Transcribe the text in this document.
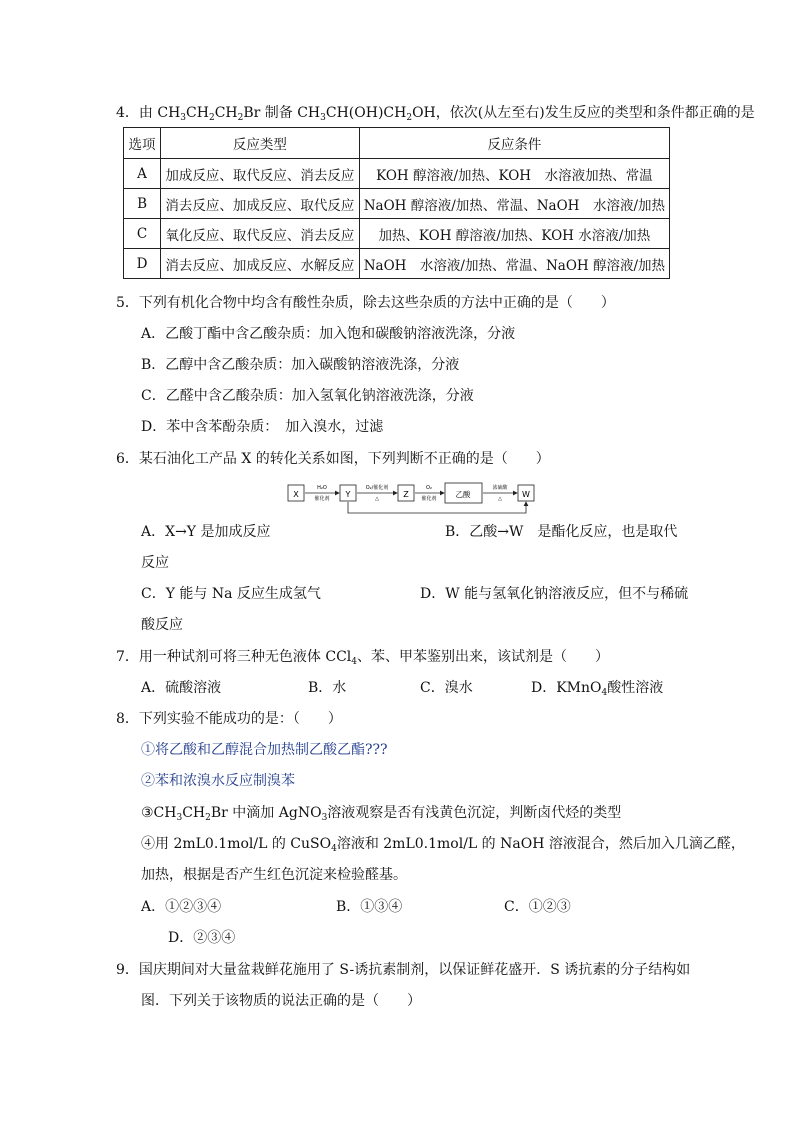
4．由 $CH_3CH_2CH_2Br$ 制备 $CH_3CH(OH)CH_2OH$，依次(从左至右)发生反应的类型和条件都正确的是
选项	反应类型	反应条件
A	加成反应、取代反应、消去反应	KOH 醇溶液/加热、KOH　水溶液加热、常温
B	消去反应、加成反应、取代反应	NaOH 醇溶液/加热、常温、NaOH　水溶液/加热
C	氧化反应、取代反应、消去反应	加热、KOH 醇溶液/加热、KOH 水溶液/加热
D	消去反应、加成反应、水解反应	NaOH　水溶液/加热、常温、NaOH 醇溶液/加热
5．下列有机化合物中均含有酸性杂质，除去这些杂质的方法中正确的是（　　）
A．乙酸丁酯中含乙酸杂质：加入饱和碳酸钠溶液洗涤，分液
B．乙醇中含乙酸杂质：加入碳酸钠溶液洗涤，分液
C．乙醛中含乙酸杂质：加入氢氧化钠溶液洗涤，分液
D．苯中含苯酚杂质：　加入溴水，过滤
6．某石油化工产品 X 的转化关系如图，下列判断不正确的是（　　）
X	Y	Z	乙酸	W
H₂O
催化剂
O₂/催化剂
△
O₂
催化剂
浓硫酸
△
A．X→Y 是加成反应	B．乙酸→W　是酯化反应，也是取代
反应
C．Y 能与 Na 反应生成氢气	D．W 能与氢氧化钠溶液反应，但不与稀硫
酸反应
7．用一种试剂可将三种无色液体 CCl$_4$、苯、甲苯鉴别出来，该试剂是（　　）
A．硫酸溶液	B．水	C．溴水	D．KMnO$_4$酸性溶液
8．下列实验不能成功的是：（　　）
①将乙酸和乙醇混合加热制乙酸乙酯???
②苯和浓溴水反应制溴苯
$③CH_3CH_2Br$ 中滴加 AgNO$_3$溶液观察是否有浅黄色沉淀，判断卤代烃的类型
④用 2mL0.1mol/L 的 CuSO$_4$溶液和 2mL0.1mol/L 的 NaOH 溶液混合，然后加入几滴乙醛，
加热，根据是否产生红色沉淀来检验醛基。
A．①②③④	B．①③④	C．①②③
D．②③④
9．国庆期间对大量盆栽鲜花施用了 S-诱抗素制剂，以保证鲜花盛开．S 诱抗素的分子结构如
图．下列关于该物质的说法正确的是（　　）
